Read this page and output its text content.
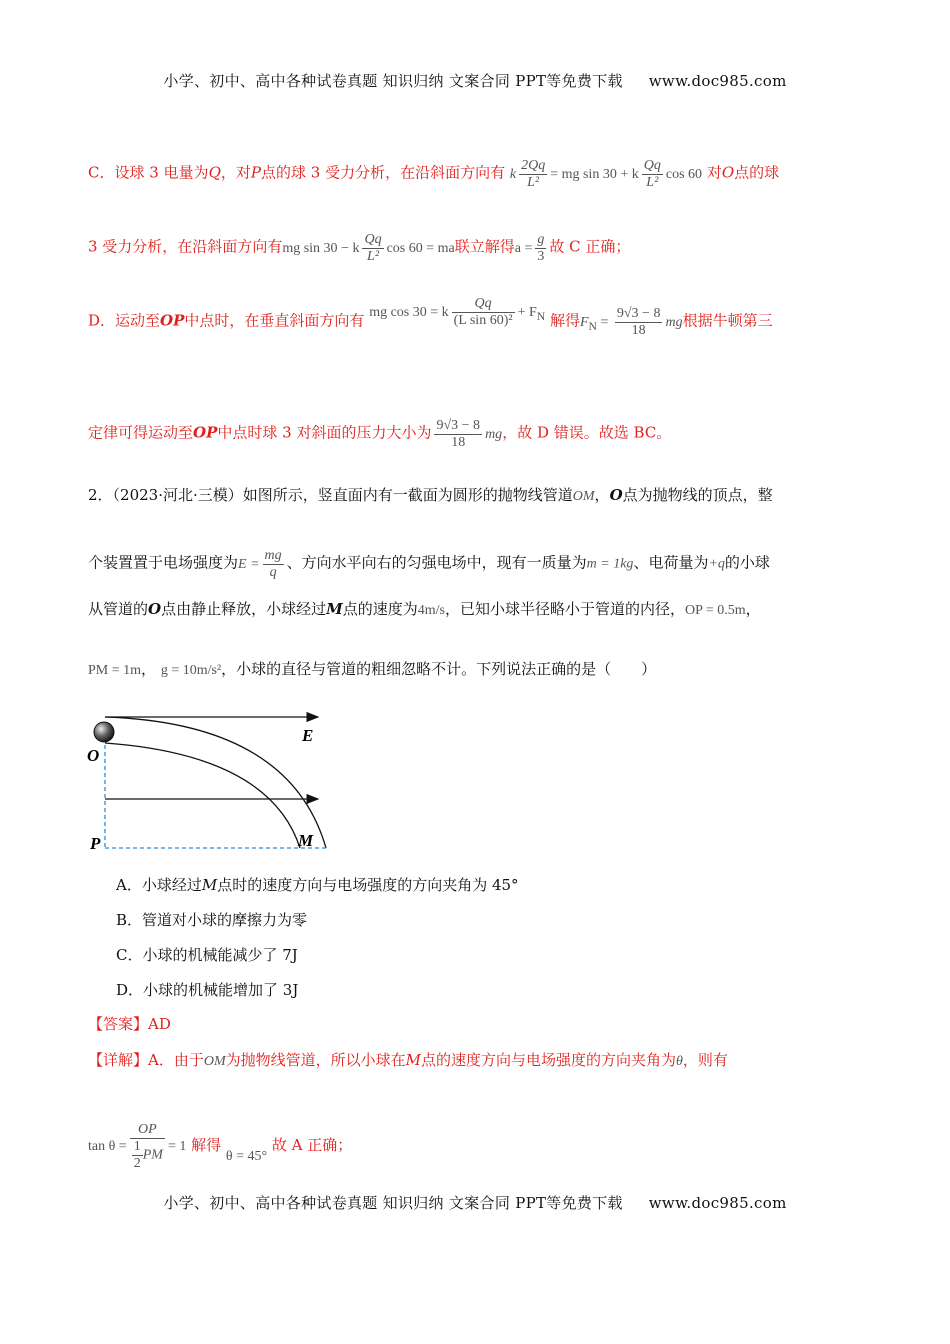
小学、初中、高中各种试卷真题 知识归纳 文案合同 PPT等免费下载 www.doc985.com
C．设球 3 电量为Q，对P点的球 3 受力分析，在沿斜面方向有 k $\frac{2Qq}{\text{L²}}$ = mg sin 30 + k $\frac{Qq}{\text{L²}}$ cos 60 对O点的球
3 受力分析，在沿斜面方向有mg sin 30 − k $\frac{Qq}{\text{L²}}$ cos 60 = ma联立解得$a = \frac{g}{3}$ 故 C 正确；
D．运动至OP中点时，在垂直斜面方向有 mg cos 30 = k $\frac{Qq}{\text{(L sin 60)²}} + F_N$ 解得$F_N = \frac{9√3 - 8}{18}$ mg根据牛顿第三
定律可得运动至OP中点时球 3 对斜面的压力大小为 $\frac{9√3 - 8}{18}$ mg，故 D 错误。故选 BC。
2．（2023·河北·三模）如图所示，竖直面内有一截面为圆形的抛物线管道OM，O点为抛物线的顶点，整
个装置置于电场强度为$E = \frac{mg}{q}$ 、方向水平向右的匀强电场中，现有一质量为m = 1kg、电荷量为+q的小球
从管道的O点由静止释放，小球经过M点的速度为4m/s，已知小球半径略小于管道的内径，OP = 0.5m，
PM = 1m， g = 10m/s²，小球的直径与管道的粗细忽略不计。下列说法正确的是（　　）
O
P	M
E
A．小球经过M点时的速度方向与电场强度的方向夹角为 45°
B．管道对小球的摩擦力为零
C．小球的机械能减少了 7J
D．小球的机械能增加了 3J
【答案】AD
【详解】A．由于OM为抛物线管道，所以小球在M点的速度方向与电场强度的方向夹角为θ，则有
$\tan \theta = \frac{OP}{\frac{1}{2} PM} = 1$ 解得 θ = 45° 故 A 正确；
小学、初中、高中各种试卷真题 知识归纳 文案合同 PPT等免费下载 www.doc985.com
